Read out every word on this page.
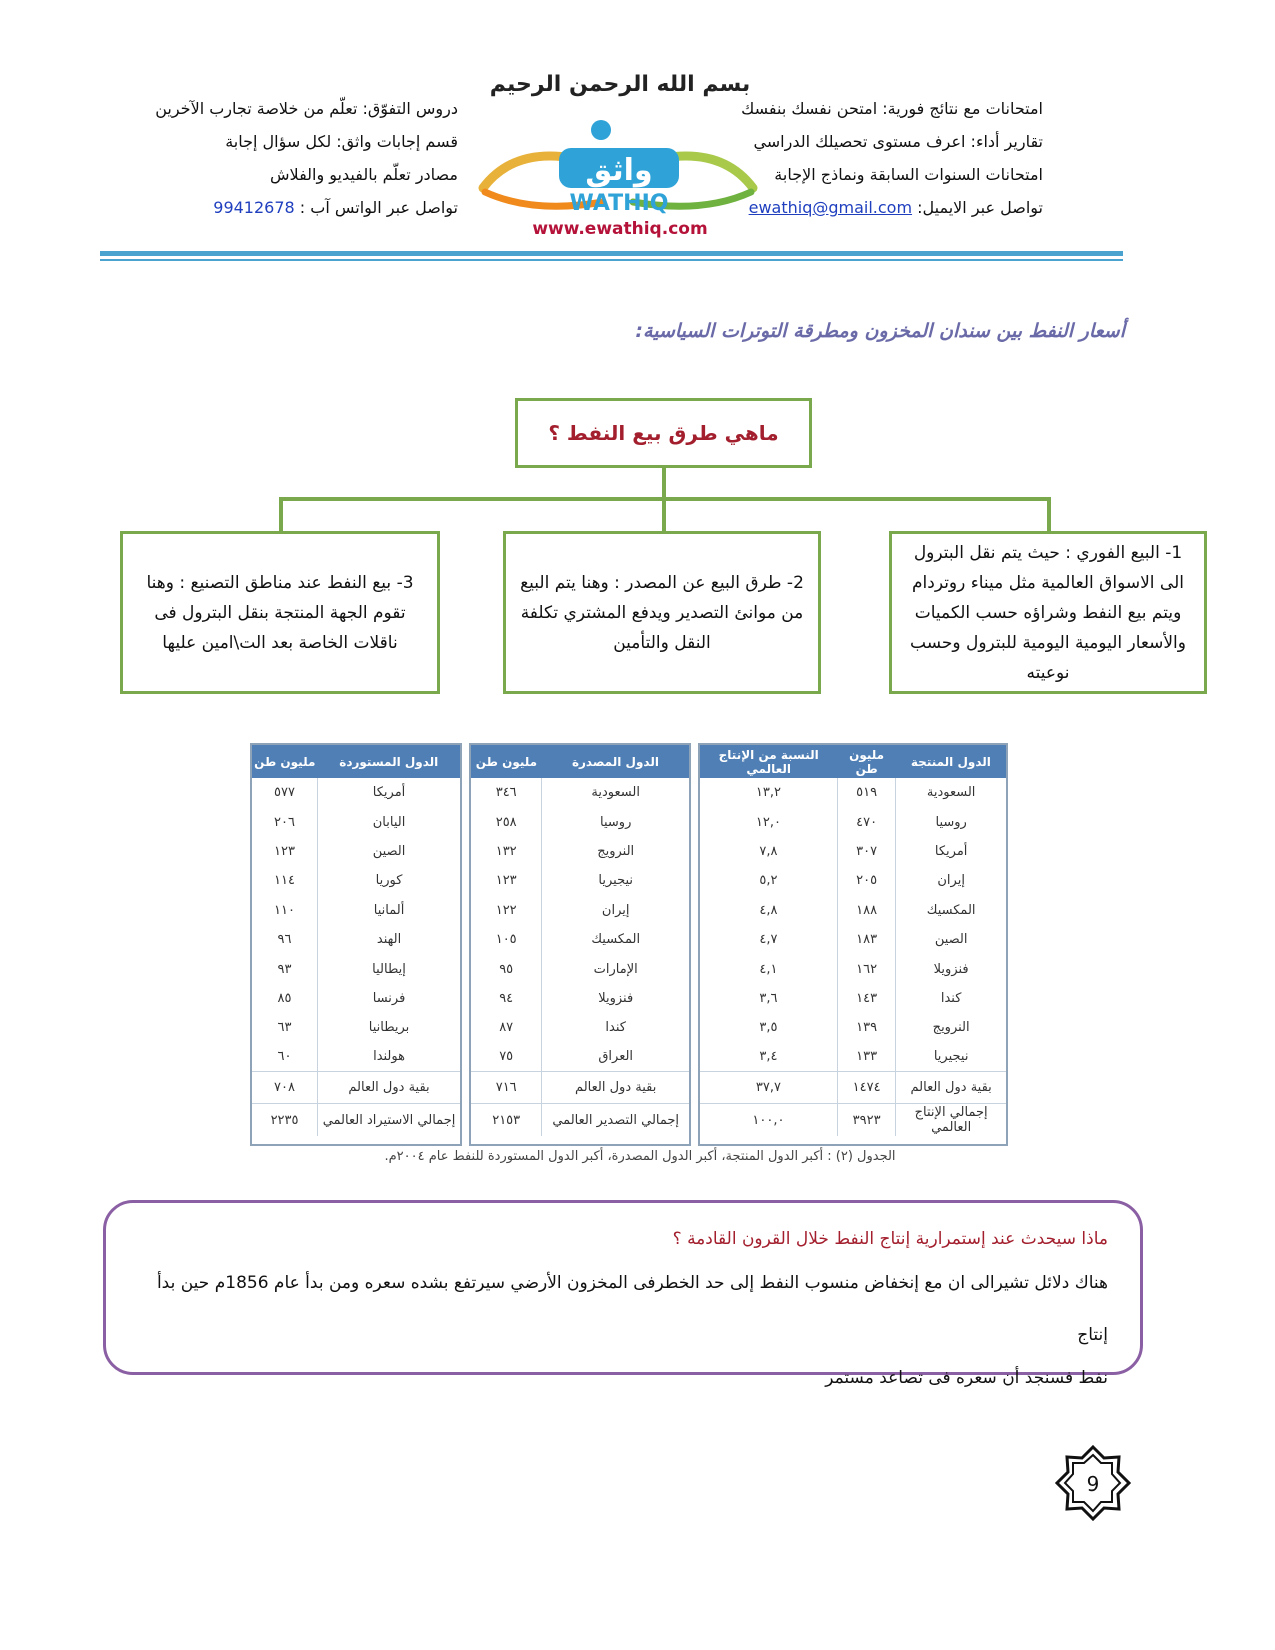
امتحانات مع نتائج فورية: امتحن نفسك بنفسك
تقارير أداء: اعرف مستوى تحصيلك الدراسي
امتحانات السنوات السابقة ونماذج الإجابة
تواصل عبر الايميل: ewathiq@gmail.com
بسم الله الرحمن الرحيم
واثق
WATHIQ
www.ewathiq.com
دروس التفوّق: تعلّم من خلاصة تجارب الآخرين
قسم إجابات واثق: لكل سؤال إجابة
مصادر تعلّم بالفيديو والفلاش
تواصل عبر الواتس آب : 99412678
أسعار النفط بين سندان المخزون ومطرقة التوترات السياسية:
ماهي طرق بيع النفط ؟
1- البيع الفوري : حيث يتم نقل البترول الى الاسواق العالمية مثل ميناء روتردام ويتم بيع النفط وشراؤه حسب الكميات والأسعار اليومية اليومية للبترول وحسب نوعيته
2- طرق البيع عن المصدر : وهنا يتم البيع من موانئ التصدير ويدفع المشتري تكلفة النقل والتأمين
3- بيع النفط عند مناطق التصنيع : وهنا تقوم الجهة المنتجة بنقل البترول فى ناقلات الخاصة بعد الت\امين عليها
الدول المنتجة	مليون طن	النسبة من الإنتاج العالمي
السعودية	٥١٩	١٣,٢
روسيا	٤٧٠	١٢,٠
أمريكا	٣٠٧	٧,٨
إيران	٢٠٥	٥,٢
المكسيك	١٨٨	٤,٨
الصين	١٨٣	٤,٧
فنزويلا	١٦٢	٤,١
كندا	١٤٣	٣,٦
النرويج	١٣٩	٣,٥
نيجيريا	١٣٣	٣,٤
بقية دول العالم	١٤٧٤	٣٧,٧
إجمالي الإنتاج العالمي	٣٩٢٣	١٠٠,٠
الدول المصدرة	مليون طن
السعودية	٣٤٦
روسيا	٢٥٨
النرويج	١٣٢
نيجيريا	١٢٣
إيران	١٢٢
المكسيك	١٠٥
الإمارات	٩٥
فنزويلا	٩٤
كندا	٨٧
العراق	٧٥
بقية دول العالم	٧١٦
إجمالي التصدير العالمي	٢١٥٣
الدول المستوردة	مليون طن
أمريكا	٥٧٧
اليابان	٢٠٦
الصين	١٢٣
كوريا	١١٤
ألمانيا	١١٠
الهند	٩٦
إيطاليا	٩٣
فرنسا	٨٥
بريطانيا	٦٣
هولندا	٦٠
بقية دول العالم	٧٠٨
إجمالي الاستيراد العالمي	٢٢٣٥
الجدول (٢) : أكبر الدول المنتجة، أكبر الدول المصدرة، أكبر الدول المستوردة للنفط عام ٢٠٠٤م.
ماذا سيحدث عند إستمرارية إنتاج النفط خلال القرون القادمة ؟
هناك دلائل تشيرالى ان مع إنخفاض منسوب النفط إلى حد الخطرفى المخزون الأرضي سيرتفع بشده سعره ومن بدأ عام 1856م حين بدأ إنتاج
نفط فسنجد أن سعره فى تصاعد مستمر
9
